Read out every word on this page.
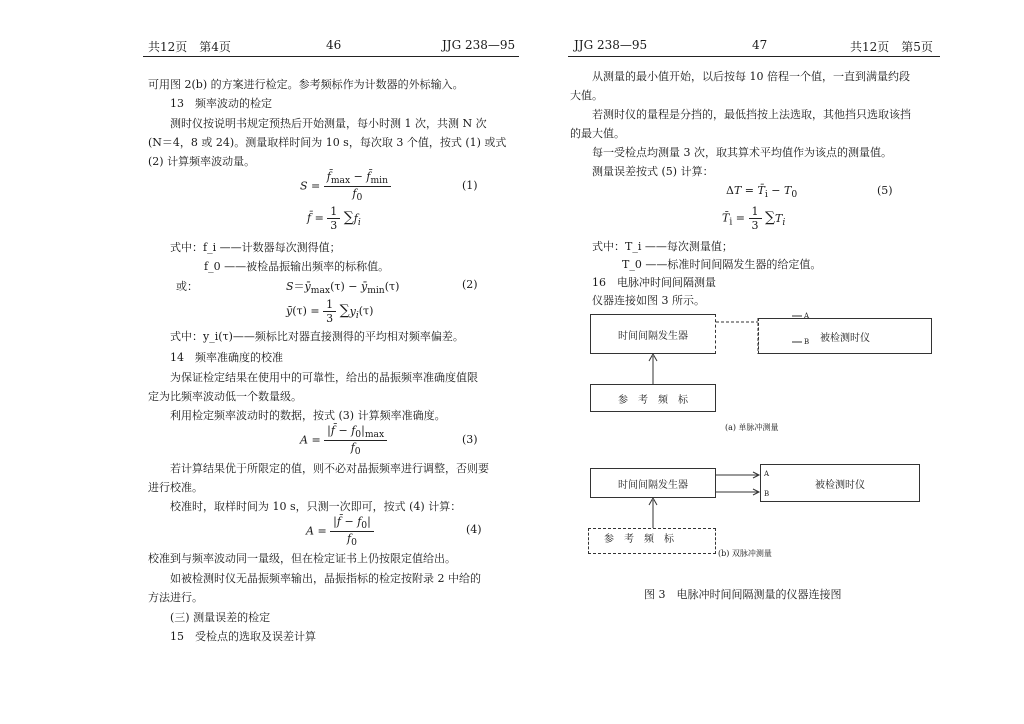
共12页　第4页	46	JJG 238—95
可用图 2(b) 的方案进行检定。参考频标作为计数器的外标输入。
13　频率波动的检定
测时仪按说明书规定预热后开始测量，每小时测 1 次，共测 N 次
(N＝4，8 或 24)。测量取样时间为 10 s，每次取 3 个值，按式 (1) 或式
(2) 计算频率波动量。
$S = \frac{f̄_{max} - f̄_{min}}{f_0}$	(1)
f̄ = $\frac{1}{3} \sum f_i$
式中：f_i ——计数器每次测得值；
f_0 ——被检晶振输出频率的标称值。
或：	$S=ȳ_{max}(\tau)$ − $ȳ_{min}(\tau)$	(2)
ȳ(τ) = $\frac{1}{3} \sum y_i(\tau)$
式中：y_i(τ)——频标比对器直接测得的平均相对频率偏差。
14　频率准确度的校准
为保证检定结果在使用中的可靠性，给出的晶振频率准确度值限
定为比频率波动低一个数量级。
利用检定频率波动时的数据，按式 (3) 计算频率准确度。
$A = \frac{|f̄ - f_0|_{max}}{f_0}$	(3)
若计算结果优于所限定的值，则不必对晶振频率进行调整，否则要
进行校准。
校准时，取样时间为 10 s，只测一次即可，按式 (4) 计算：
$A = \frac{|f̄ - f_0|}{f_0}$	(4)
校准到与频率波动同一量级，但在检定证书上仍按限定值给出。
如被检测时仪无晶振频率输出，晶振指标的检定按附录 2 中给的
方法进行。
(三) 测量误差的检定
15　受检点的选取及误差计算
JJG 238—95	47	共12页　第5页
从测量的最小值开始，以后按每 10 倍程一个值，一直到满量约段
大值。
若测时仪的量程是分挡的，最低挡按上法选取，其他挡只选取该挡
的最大值。
每一受检点均测量 3 次，取其算术平均值作为该点的测量值。
测量误差按式 (5) 计算：
$\Delta T = T̄_i - T_0$	(5)
$T̄_i = \frac{1}{3} \sum T_i$
式中：T_i ——每次测量值；
T_0 ——标准时间间隔发生器的给定值。
16　电脉冲时间间隔测量
仪器连接如图 3 所示。
时间间隔发生器
参　考　频　标
被检测时仪
A
B
(a) 单脉冲测量
时间间隔发生器
参　考　频　标
被检测时仪
A
B
(b) 双脉冲测量
图 3　电脉冲时间间隔测量的仪器连接图
